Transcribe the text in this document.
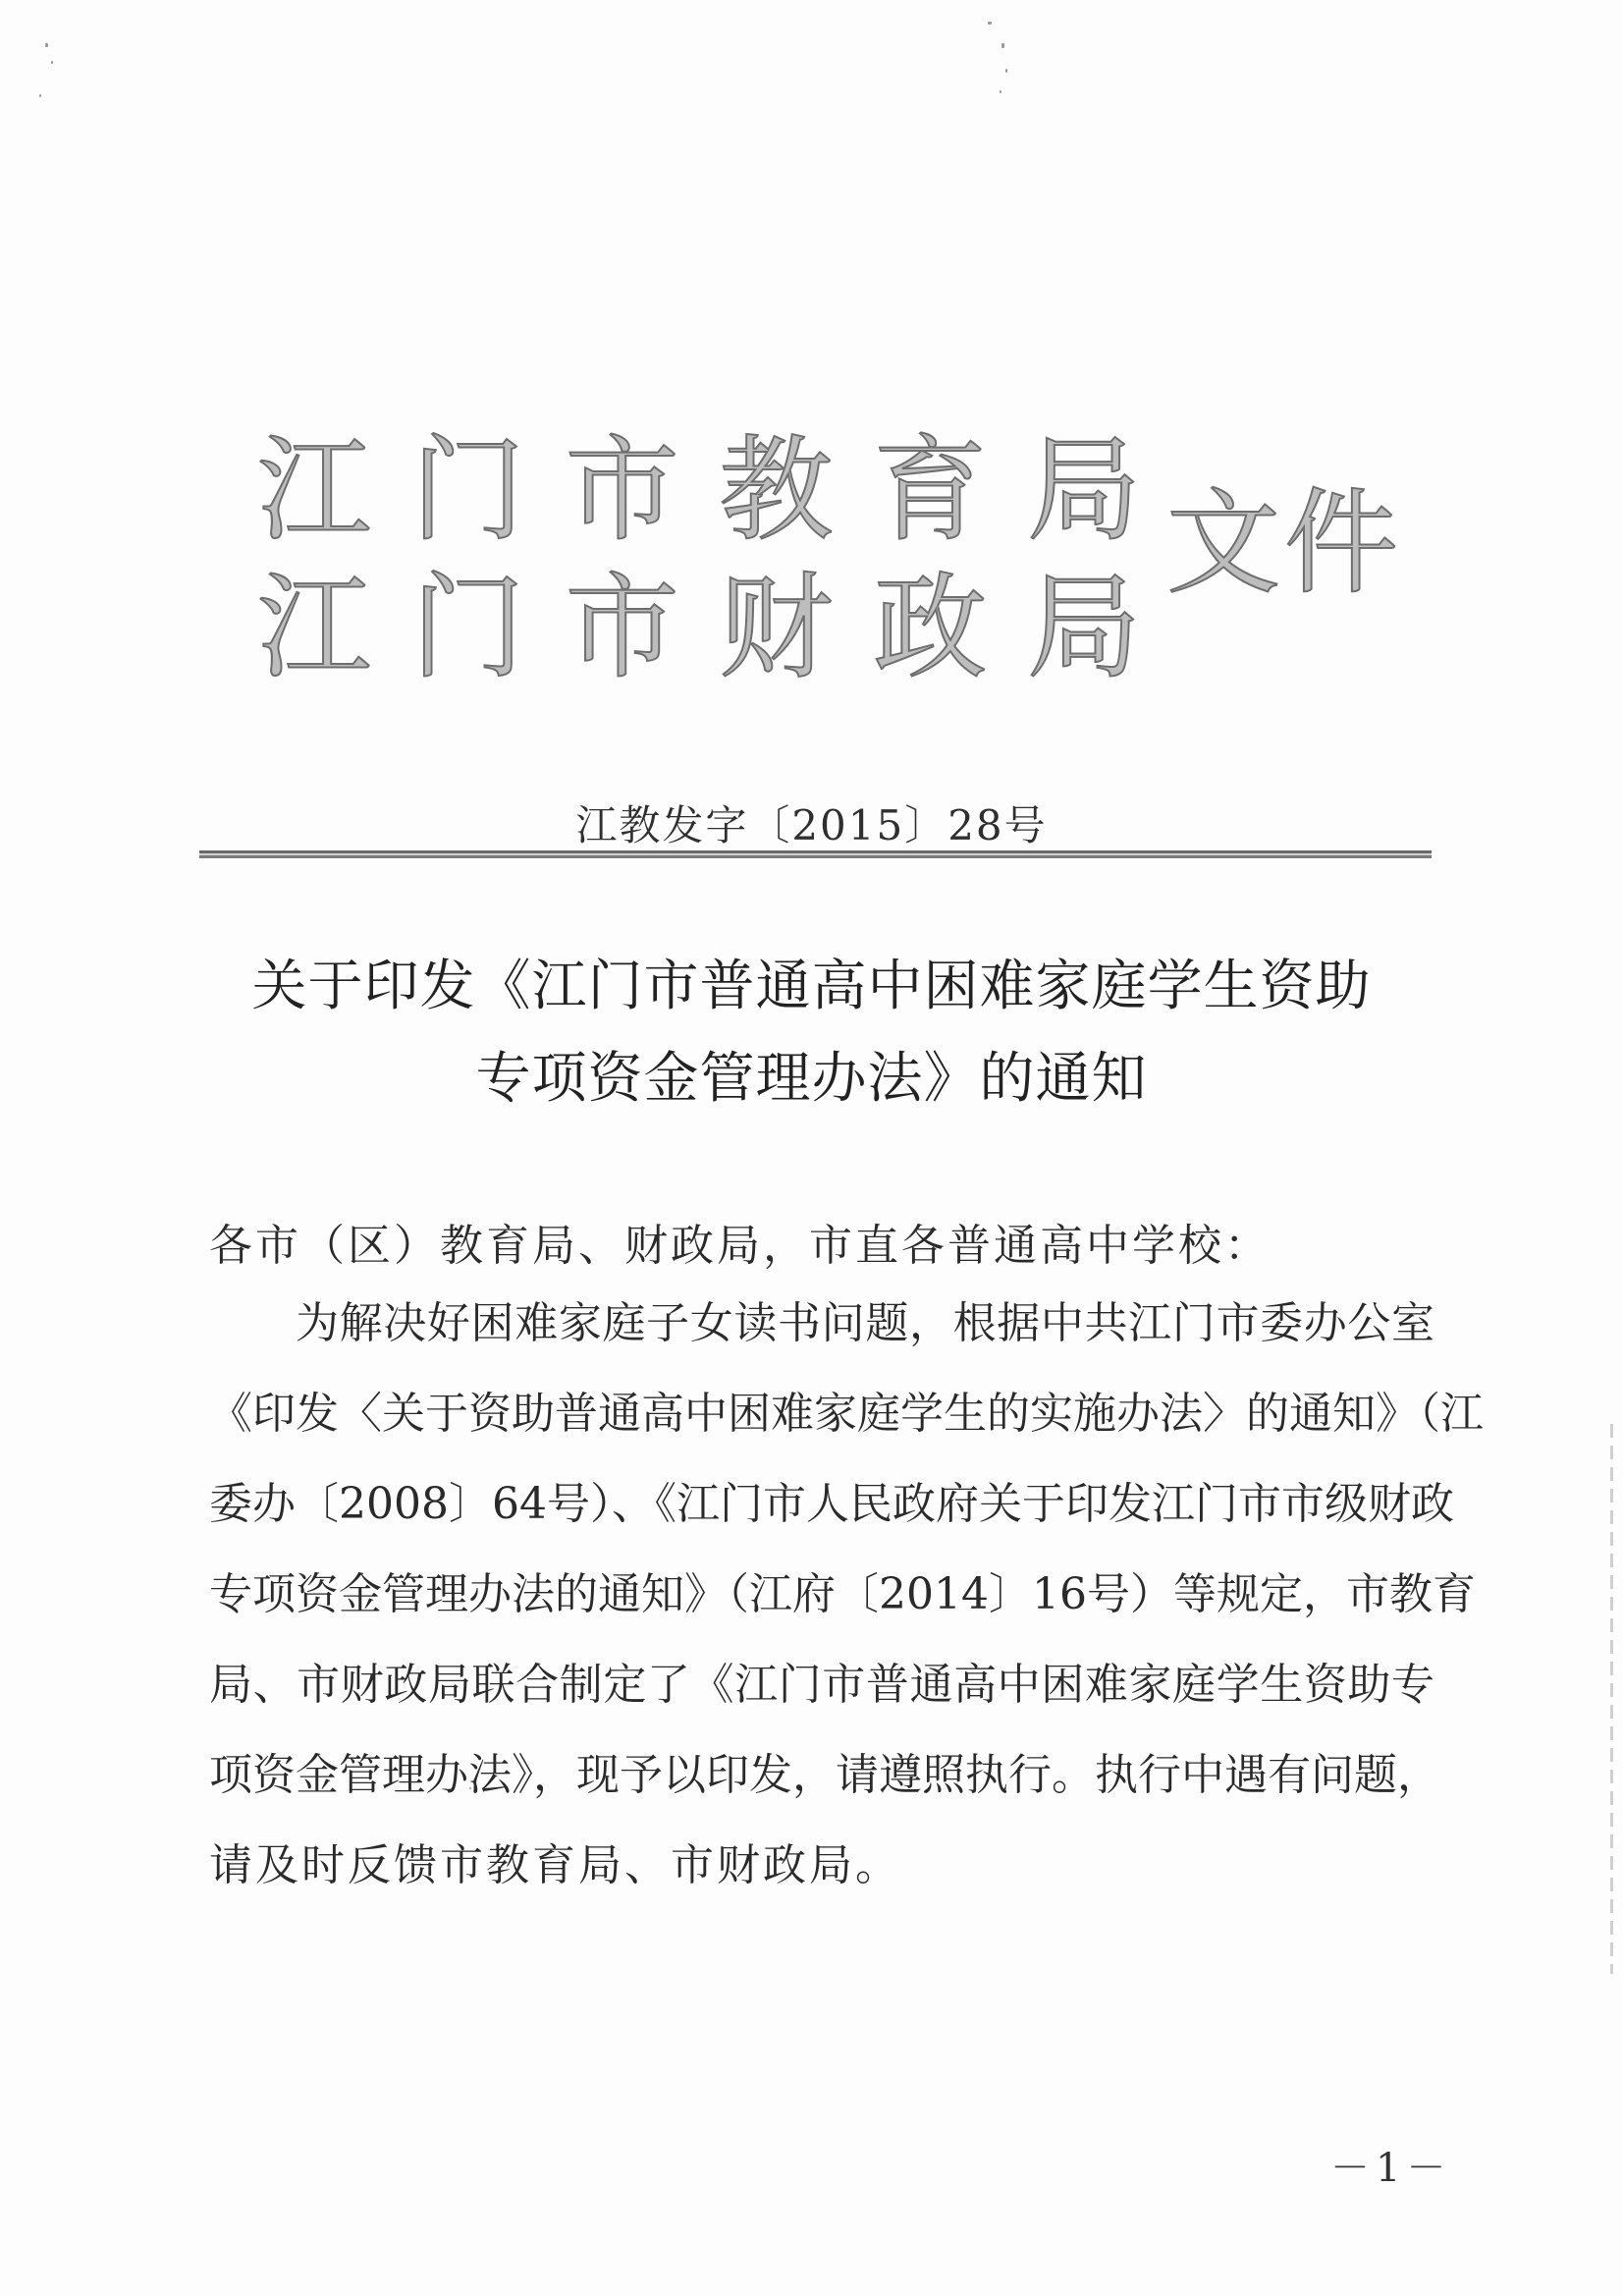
江 门 市 教 育 局
江 门 市 财 政 局
文件
江教发字〔2015〕28号
关于印发《江门市普通高中困难家庭学生资助
专项资金管理办法》的通知
各市（区）教育局、财政局，市直各普通高中学校：
为解决好困难家庭子女读书问题，根据中共江门市委办公室
《印发〈关于资助普通高中困难家庭学生的实施办法〉的通知》（江
委办〔2008〕64号）、《江门市人民政府关于印发江门市市级财政
专项资金管理办法的通知》（江府〔2014〕16号）等规定，市教育
局、市财政局联合制定了《江门市普通高中困难家庭学生资助专
项资金管理办法》，现予以印发，请遵照执行。执行中遇有问题，
请及时反馈市教育局、市财政局。
－1－
